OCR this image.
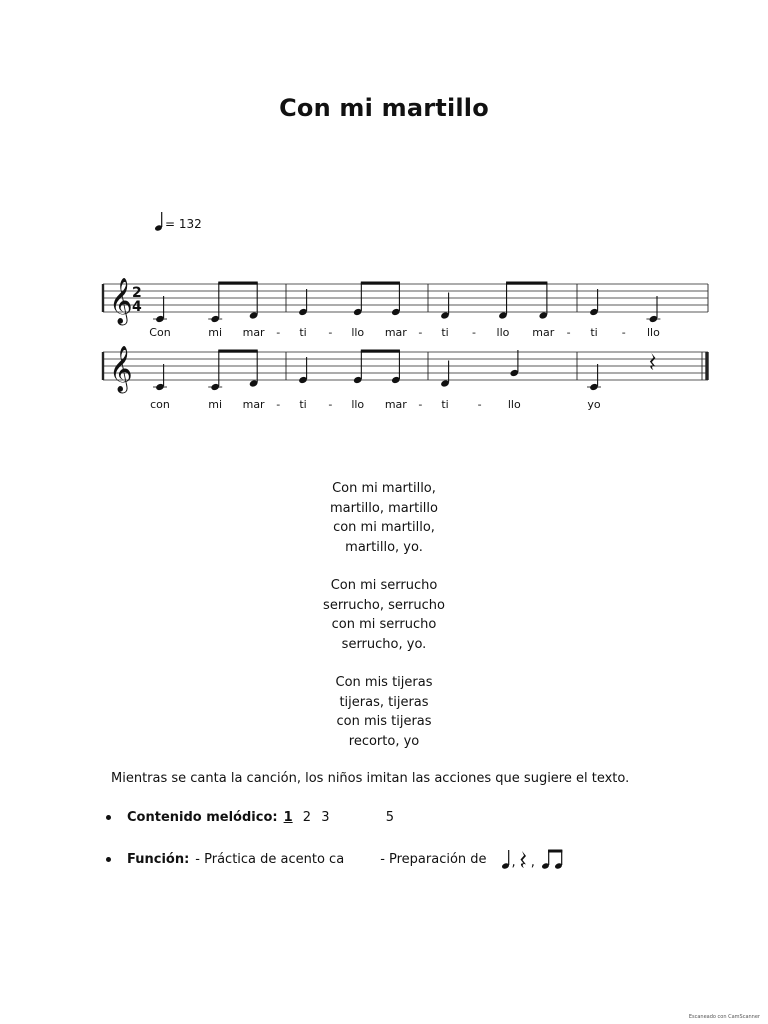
Con mi martillo
= 132
𝄞 2
4
Con	mi mar - ti - llo mar - ti - llo mar - ti - llo
𝄞
con	mi mar - ti - llo mar - ti	- llo	yo
Con mi martillo,
martillo, martillo
con mi martillo,
martillo, yo.
Con mi serrucho
serrucho, serrucho
con mi serrucho
serrucho, yo.
Con mis tijeras
tijeras, tijeras
con mis tijeras
recorto, yo
Mientras se canta la canción, los niños imitan las acciones que sugiere el texto.
Contenido melódico: 1 2 3	5
Función: - Práctica de acento ca	- Preparación de , ,
Escaneado con CamScanner
